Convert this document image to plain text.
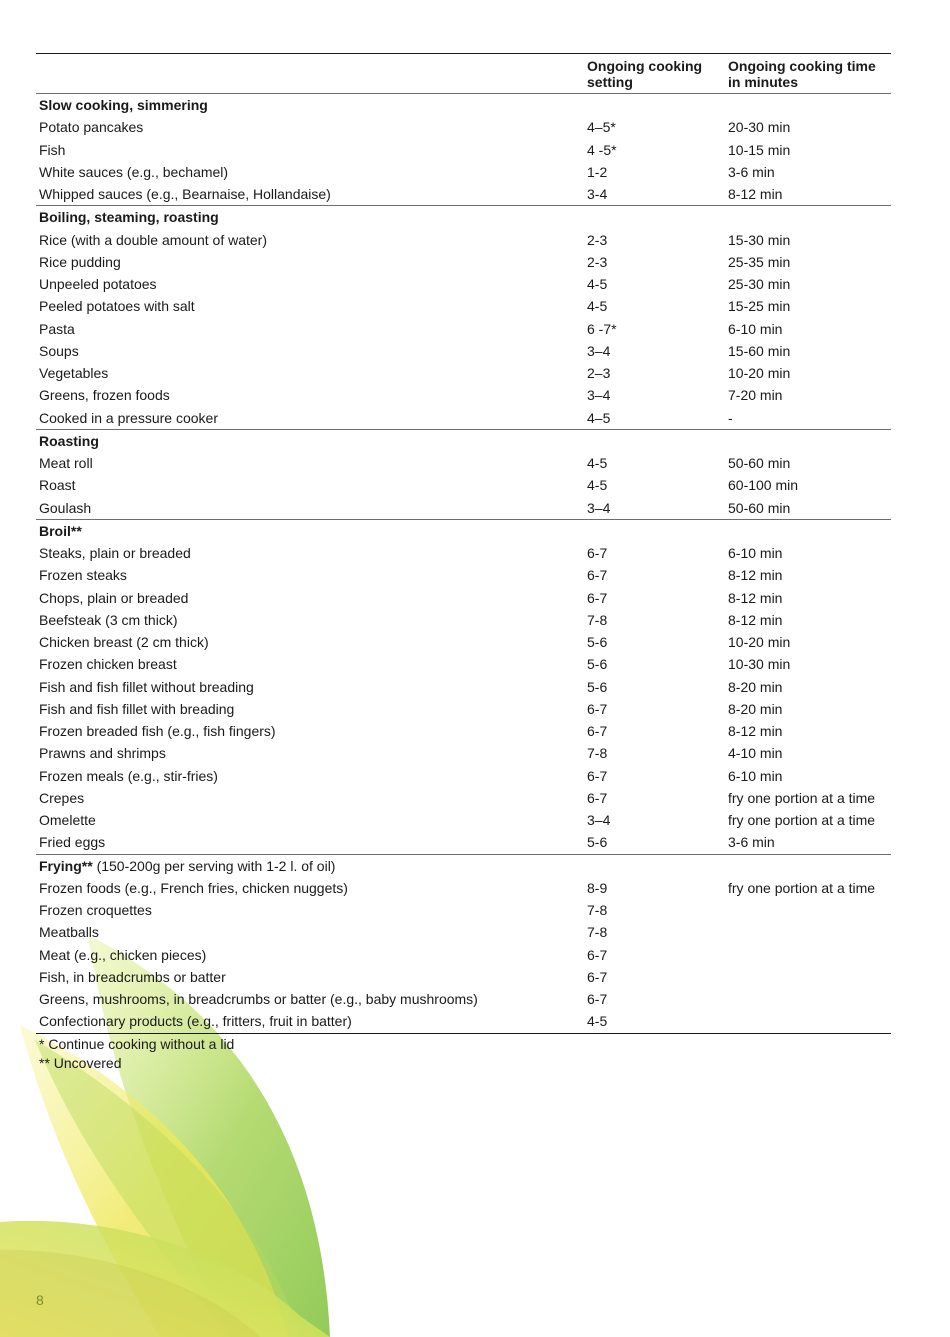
	Ongoing cooking setting	Ongoing cooking time in minutes
Slow cooking, simmering		
Potato pancakes	4–5*	20-30 min
Fish	4 -5*	10-15 min
White sauces (e.g., bechamel)	1-2	3-6 min
Whipped sauces (e.g., Bearnaise, Hollandaise)	3-4	8-12 min
Boiling, steaming, roasting		
Rice (with a double amount of water)	2-3	15-30 min
Rice pudding	2-3	25-35 min
Unpeeled potatoes	4-5	25-30 min
Peeled potatoes with salt	4-5	15-25 min
Pasta	6 -7*	6-10 min
Soups	3–4	15-60 min
Vegetables	2–3	10-20 min
Greens, frozen foods	3–4	7-20 min
Cooked in a pressure cooker	4–5	-
Roasting		
Meat roll	4-5	50-60 min
Roast	4-5	60-100 min
Goulash	3–4	50-60 min
Broil**		
Steaks, plain or breaded	6-7	6-10 min
Frozen steaks	6-7	8-12 min
Chops, plain or breaded	6-7	8-12 min
Beefsteak (3 cm thick)	7-8	8-12 min
Chicken breast (2 cm thick)	5-6	10-20 min
Frozen chicken breast	5-6	10-30 min
Fish and fish fillet without breading	5-6	8-20 min
Fish and fish fillet with breading	6-7	8-20 min
Frozen breaded fish (e.g., fish fingers)	6-7	8-12 min
Prawns and shrimps	7-8	4-10 min
Frozen meals (e.g., stir-fries)	6-7	6-10 min
Crepes	6-7	fry one portion at a time
Omelette	3–4	fry one portion at a time
Fried eggs	5-6	3-6 min
Frying** (150-200g per serving with 1-2 l. of oil)		
Frozen foods (e.g., French fries, chicken nuggets)	8-9	fry one portion at a time
Frozen croquettes	7-8	
Meatballs	7-8	
Meat (e.g., chicken pieces)	6-7	
Fish, in breadcrumbs or batter	6-7	
Greens, mushrooms, in breadcrumbs or batter (e.g., baby mushrooms)	6-7	
Confectionary products (e.g., fritters, fruit in batter)	4-5	
* Continue cooking without a lid
** Uncovered
8
